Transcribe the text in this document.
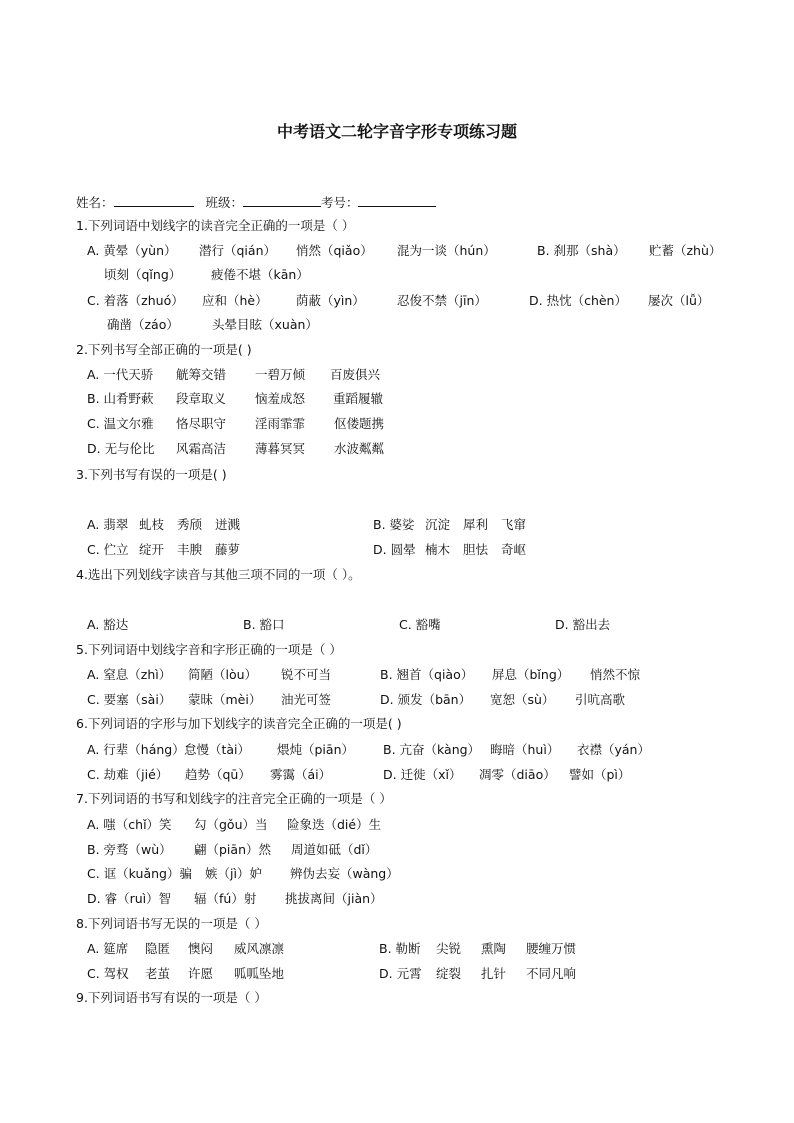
中考语文二轮字音字形专项练习题
姓名：	班级：	考号：
1.下列词语中划线字的读音完全正确的一项是（ ）
A. 黄晕（yùn） 潜行（qián） 悄然（qiǎo） 混为一谈（hún）	B. 刹那（shà） 贮蓄（zhù）
顷刻（qǐng） 疲倦不堪（kān）
C. 着落（zhuó） 应和（hè） 荫蔽（yìn）	忍俊不禁（jīn）	D. 热忱（chèn） 屡次（lǚ）
确凿（záo）	头晕目眩（xuàn）
2.下列书写全部正确的一项是( )
A. 一代天骄 觥筹交错 一碧万倾 百废俱兴
B. 山肴野蔌 段章取义 恼羞成怒 重蹈履辙
C. 温文尔雅 恪尽职守 淫雨霏霏 伛偻题携
D. 无与伦比 风霜高洁 薄暮冥冥 水波粼粼
3.下列书写有误的一项是( )
A. 翡翠 虬枝 秀颀 迸溅	B. 婆娑 沉淀 犀利 飞窜
C. 伫立 绽开 丰腴 藤萝	D. 圆晕 楠木 胆怯 奇岖
4.选出下列划线字读音与其他三项不同的一项（ ）。
A. 豁达	B. 豁口	C. 豁嘴	D. 豁出去
5.下列词语中划线字音和字形正确的一项是（ ）
A. 窒息（zhì） 简陋（lòu） 锐不可当	B. 翘首（qiào） 屏息（bǐng） 悄然不惊
C. 要塞（sài） 蒙昧（mèi） 油光可签	D. 颁发（bān） 宽恕（sù） 引吭高歌
6.下列词语的字形与加下划线字的读音完全正确的一项是( )
A. 行辈（háng） 怠慢（tài） 煨炖（piān） B. 亢奋（kàng） 晦暗（huì） 衣襟（yán）
C. 劫难（jié） 趋势（qū） 雾霭（ái）	D. 迁徙（xǐ） 凋零（diāo） 譬如（pì）
7.下列词语的书写和划线字的注音完全正确的一项是（ ）
A. 嗤（chǐ）笑 勾（gǒu）当 险象迭（dié）生
B. 旁骛（wù） 翩（piān）然 周道如砥（dǐ）
C. 诓（kuǎng）骗 嫉（jì）妒 辨伪去妄（wàng）
D. 睿（ruì）智 辐（fú）射 挑拔离间（jiàn）
8.下列词语书写无误的一项是（ ）
A. 筵席 隐匿 懊闷 威风凛凛	B. 勒断 尖锐 熏陶 腰缠万惯
C. 驾权 老茧 许愿 呱呱坠地	D. 元霄 绽裂 扎针 不同凡响
9.下列词语书写有误的一项是（ ）
